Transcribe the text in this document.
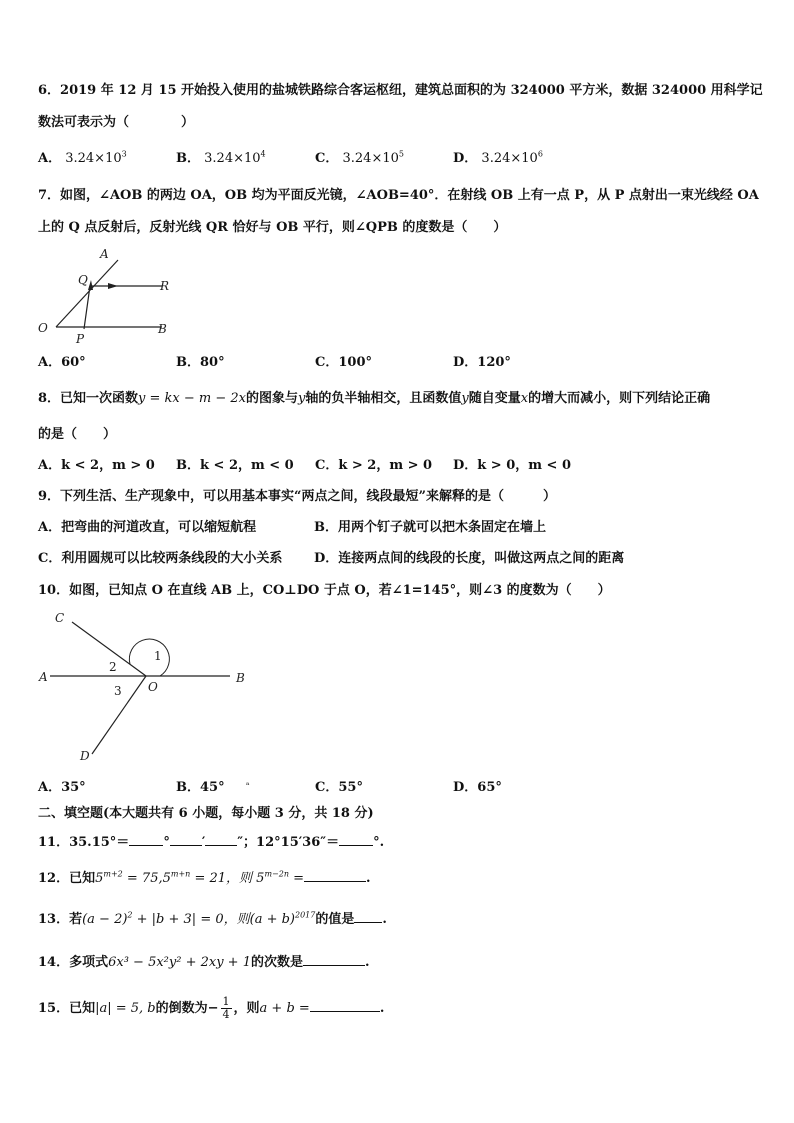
6．2019 年 12 月 15 开始投入使用的盐城铁路综合客运枢纽，建筑总面积的为 324000 平方米，数据 324000 用科学记
数法可表示为（　　　　）
A． $3.24\times 10^3$	B． $3.24\times 10^4$	C． $3.24\times 10^5$	D． $3.24\times 10^6$
7．如图，∠AOB 的两边 OA，OB 均为平面反光镜，∠AOB=40°．在射线 OB 上有一点 P，从 P 点射出一束光线经 OA
上的 Q 点反射后，反射光线 QR 恰好与 OB 平行，则∠QPB 的度数是（　　）
A
Q	R
O
P
B
A．60°	B．80°	C．100°	D．120°
8．已知一次函数y = kx − m − 2x的图象与y轴的负半轴相交，且函数值y随自变量x的增大而减小，则下列结论正确
的是（　　）
A．k < 2，m > 0 B．k < 2，m < 0 C．k > 2，m > 0 D．k > 0，m < 0
9．下列生活、生产现象中，可以用基本事实“两点之间，线段最短”来解释的是（　　　）
A．把弯曲的河道改直，可以缩短航程	B．用两个钉子就可以把木条固定在墙上
C．利用圆规可以比较两条线段的大小关系 D．连接两点间的线段的长度，叫做这两点之间的距离
10．如图，已知点 O 在直线 AB 上，CO⊥DO 于点 O，若∠1=145°，则∠3 的度数为（　　）
C
A
O
B
D
1
2
3
A．35°	B．45° ᵃ	C．55°	D．65°
二、填空题(本大题共有 6 小题，每小题 3 分，共 18 分)
11．35.15°＝	° ′ ″；12°15′36″＝	°.
12．已知$5^{m+2} = 75,5^{m+n} = 21$，则 $5^{m-2n}$ =	.
13．若$(a - 2)^2 + |b + 3| = 0$，则$(a + b)^{2017}$的值是 .
14．多项式6x³ − 5x²y² + 2xy + 1的次数是	.
15．已知|a| = 5, b的倒数为− $\frac{1}{4}$ ，则a + b =	.
